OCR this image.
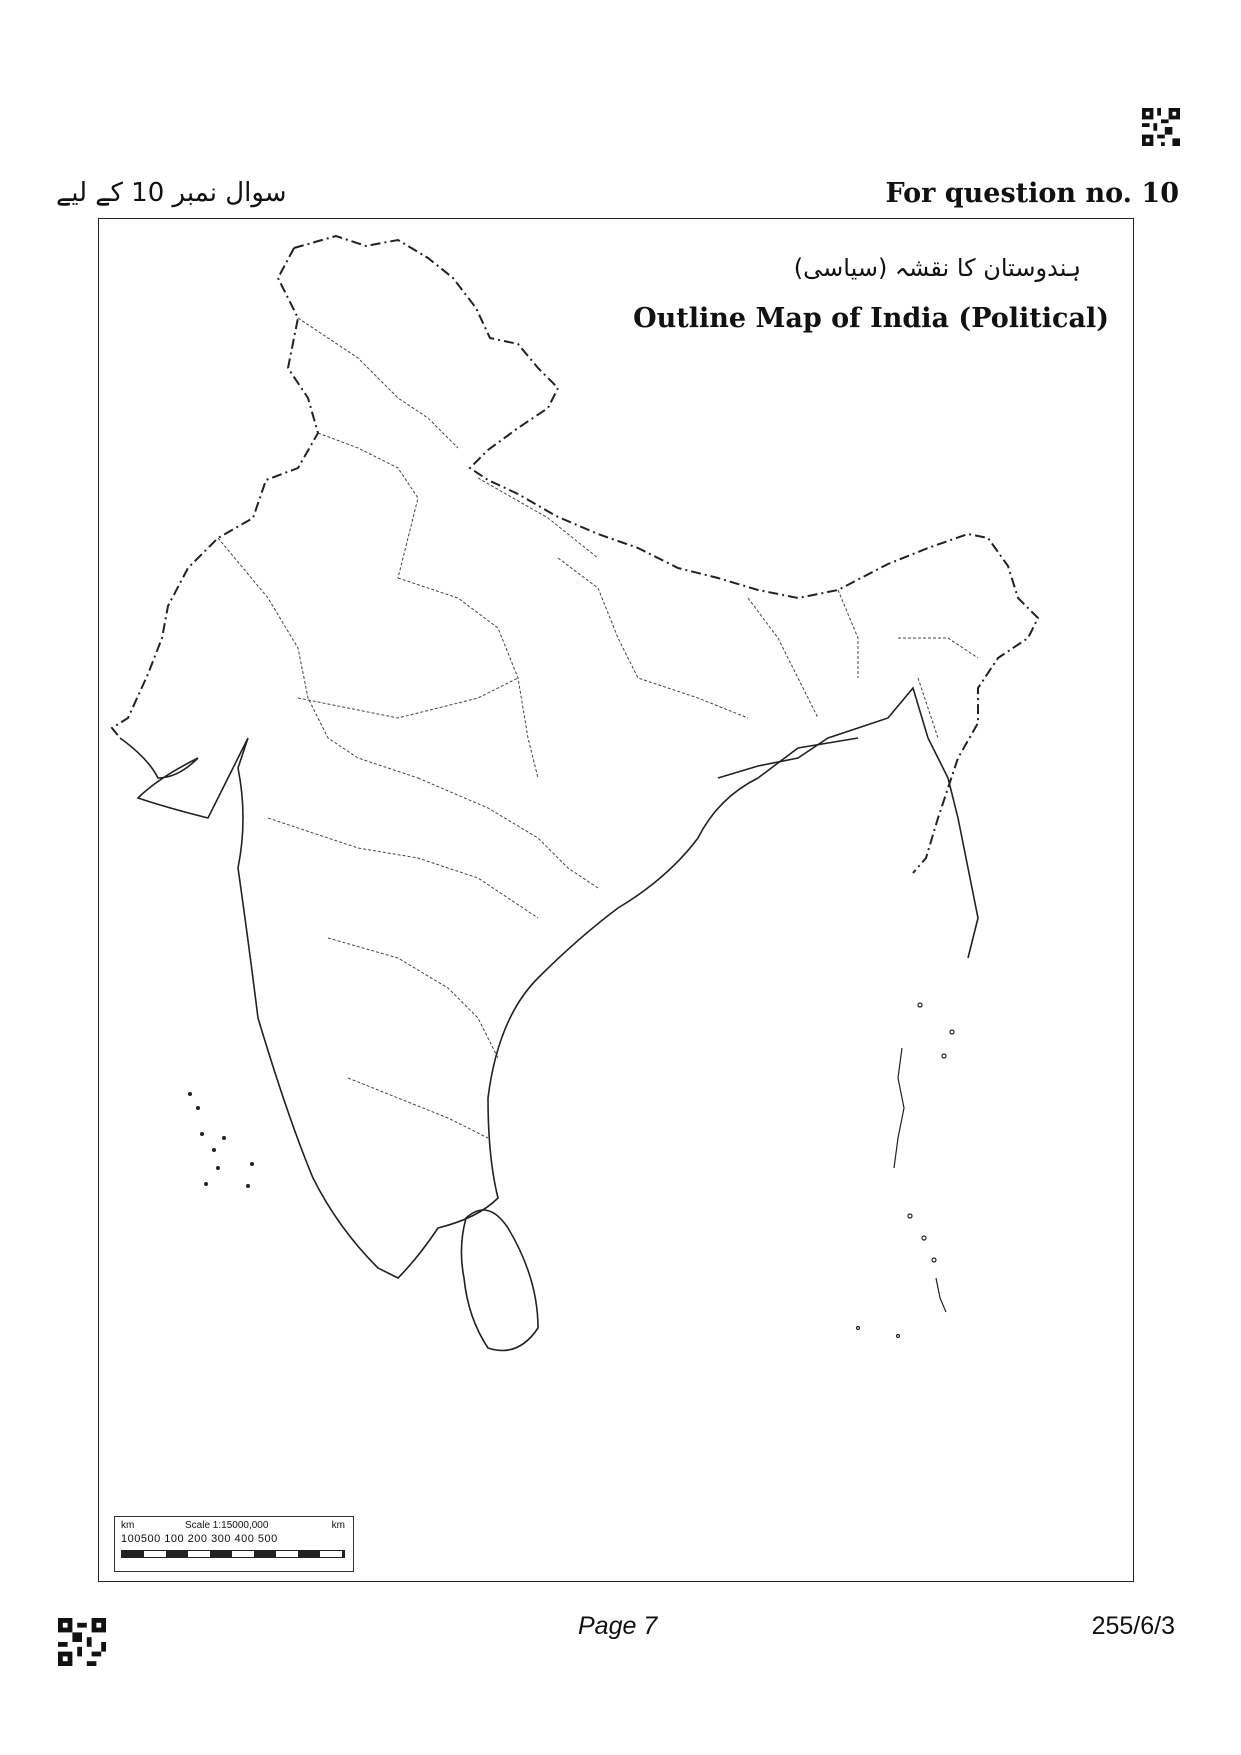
سوال نمبر 10 کے لیے	For question no. 10
ہندوستان کا نقشہ (سیاسی)
Outline Map of India (Political)
km	Scale 1:15000,000	km
100500 100 200 300 400 500
Page 7	255/6/3
